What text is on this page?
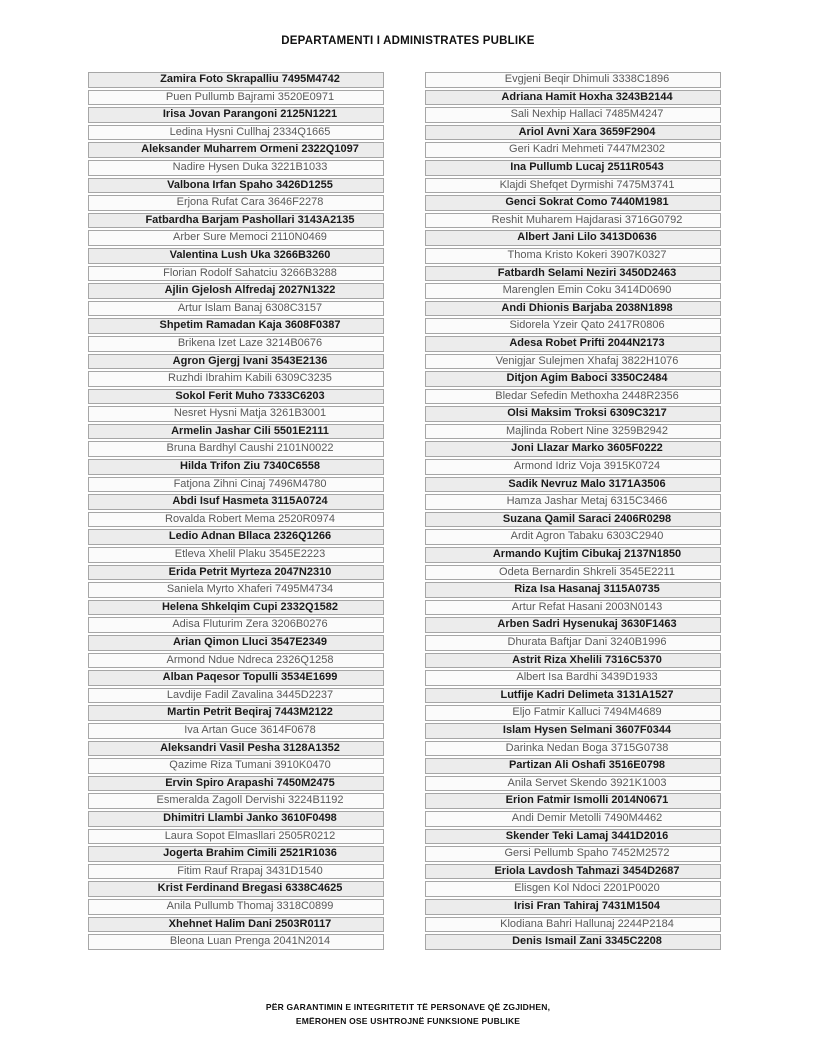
DEPARTAMENTI I ADMINISTRATES PUBLIKE
Zamira Foto Skrapalliu 7495M4742
Puen Pullumb Bajrami 3520E0971
Irisa Jovan Parangoni 2125N1221
Ledina Hysni Cullhaj 2334Q1665
Aleksander Muharrem Ormeni 2322Q1097
Nadire Hysen Duka 3221B1033
Valbona Irfan Spaho 3426D1255
Erjona Rufat Cara 3646F2278
Fatbardha Barjam Pashollari 3143A2135
Arber Sure Memoci 2110N0469
Valentina Lush Uka 3266B3260
Florian Rodolf Sahatciu 3266B3288
Ajlin Gjelosh Alfredaj 2027N1322
Artur Islam Banaj 6308C3157
Shpetim Ramadan Kaja 3608F0387
Brikena Izet Laze 3214B0676
Agron Gjergj Ivani 3543E2136
Ruzhdi Ibrahim Kabili 6309C3235
Sokol Ferit Muho 7333C6203
Nesret Hysni Matja 3261B3001
Armelin Jashar Cili 5501E2111
Bruna Bardhyl Caushi 2101N0022
Hilda Trifon Ziu 7340C6558
Fatjona Zihni Cinaj 7496M4780
Abdi Isuf Hasmeta 3115A0724
Rovalda Robert Mema 2520R0974
Ledio Adnan Bllaca 2326Q1266
Etleva Xhelil Plaku 3545E2223
Erida Petrit Myrteza 2047N2310
Saniela Myrto Xhaferi 7495M4734
Helena Shkelqim Cupi 2332Q1582
Adisa Fluturim Zera 3206B0276
Arian Qimon Lluci 3547E2349
Armond Ndue Ndreca 2326Q1258
Alban Paqesor Topulli 3534E1699
Lavdije Fadil Zavalina 3445D2237
Martin Petrit Beqiraj 7443M2122
Iva Artan Guce 3614F0678
Aleksandri Vasil Pesha 3128A1352
Qazime Riza Tumani 3910K0470
Ervin Spiro Arapashi 7450M2475
Esmeralda Zagoll Dervishi 3224B1192
Dhimitri Llambi Janko 3610F0498
Laura Sopot Elmasllari 2505R0212
Jogerta Brahim Cimili 2521R1036
Fitim Rauf Rrapaj 3431D1540
Krist Ferdinand Bregasi 6338C4625
Anila Pullumb Thomaj 3318C0899
Xhehnet Halim Dani 2503R0117
Bleona Luan Prenga 2041N2014
Evgjeni Beqir Dhimuli 3338C1896
Adriana Hamit Hoxha 3243B2144
Sali Nexhip Hallaci 7485M4247
Ariol Avni Xara 3659F2904
Geri Kadri Mehmeti 7447M2302
Ina Pullumb Lucaj 2511R0543
Klajdi Shefqet Dyrmishi 7475M3741
Genci Sokrat Como 7440M1981
Reshit Muharem Hajdarasi 3716G0792
Albert Jani Lilo 3413D0636
Thoma Kristo Kokeri 3907K0327
Fatbardh Selami Neziri 3450D2463
Marenglen Emin Coku 3414D0690
Andi Dhionis Barjaba 2038N1898
Sidorela Yzeir Qato 2417R0806
Adesa Robet Prifti 2044N2173
Venigjar Sulejmen Xhafaj 3822H1076
Ditjon Agim Baboci 3350C2484
Bledar Sefedin Methoxha 2448R2356
Olsi Maksim Troksi 6309C3217
Majlinda Robert Nine 3259B2942
Joni Llazar Marko 3605F0222
Armond Idriz Voja 3915K0724
Sadik Nevruz Malo 3171A3506
Hamza Jashar Metaj 6315C3466
Suzana Qamil Saraci 2406R0298
Ardit Agron Tabaku 6303C2940
Armando Kujtim Cibukaj 2137N1850
Odeta Bernardin Shkreli 3545E2211
Riza Isa Hasanaj 3115A0735
Artur Refat Hasani 2003N0143
Arben Sadri Hysenukaj 3630F1463
Dhurata Baftjar Dani 3240B1996
Astrit Riza Xhelili 7316C5370
Albert Isa Bardhi 3439D1933
Lutfije Kadri Delimeta 3131A1527
Eljo Fatmir Kalluci 7494M4689
Islam Hysen Selmani 3607F0344
Darinka Nedan Boga 3715G0738
Partizan Ali Oshafi 3516E0798
Anila Servet Skendo 3921K1003
Erion Fatmir Ismolli 2014N0671
Andi Demir Metolli 7490M4462
Skender Teki Lamaj 3441D2016
Gersi Pellumb Spaho 7452M2572
Eriola Lavdosh Tahmazi 3454D2687
Elisgen Kol Ndoci 2201P0020
Irisi Fran Tahiraj 7431M1504
Klodiana Bahri Hallunaj 2244P2184
Denis Ismail Zani 3345C2208
PËR GARANTIMIN E INTEGRITETIT TË PERSONAVE QË ZGJIDHEN,
EMËROHEN OSE USHTROJNË FUNKSIONE PUBLIKE
